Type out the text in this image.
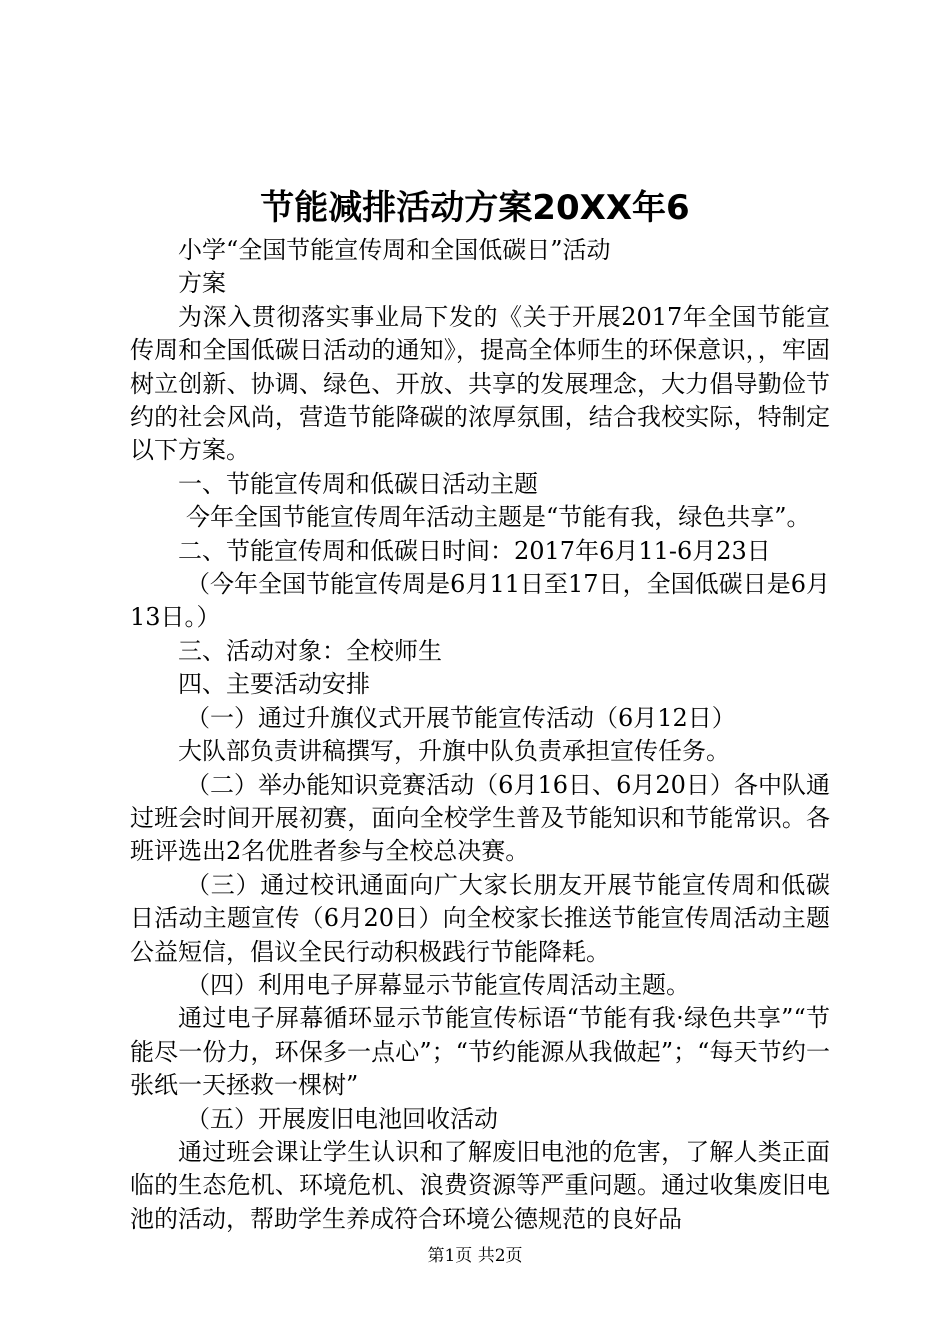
节能减排活动方案20XX年6

小学“全国节能宣传周和全国低碳日”活动

方案

为深入贯彻落实事业局下发的《关于开展2017年全国节能宣传周和全国低碳日活动的通知》，提高全体师生的环保意识，，牢固树立创新、协调、绿色、开放、共享的发展理念，大力倡导勤俭节约的社会风尚，营造节能降碳的浓厚氛围，结合我校实际，特制定以下方案。

一、节能宣传周和低碳日活动主题

今年全国节能宣传周年活动主题是“节能有我，绿色共享”。

二、节能宣传周和低碳日时间：2017年6月11-6月23日

（今年全国节能宣传周是6月11日至17日，全国低碳日是6月13日。）

三、活动对象：全校师生

四、主要活动安排

（一）通过升旗仪式开展节能宣传活动（6月12日）

大队部负责讲稿撰写，升旗中队负责承担宣传任务。

（二）举办能知识竞赛活动（6月16日、6月20日）各中队通过班会时间开展初赛，面向全校学生普及节能知识和节能常识。各班评选出2名优胜者参与全校总决赛。

（三）通过校讯通面向广大家长朋友开展节能宣传周和低碳日活动主题宣传（6月20日）向全校家长推送节能宣传周活动主题公益短信，倡议全民行动积极践行节能降耗。

（四）利用电子屏幕显示节能宣传周活动主题。

通过电子屏幕循环显示节能宣传标语“节能有我·绿色共享”“节能尽一份力，环保多一点心”；“节约能源从我做起”；“每天节约一张纸一天拯救一棵树”

（五）开展废旧电池回收活动

通过班会课让学生认识和了解废旧电池的危害，了解人类正面临的生态危机、环境危机、浪费资源等严重问题。通过收集废旧电池的活动，帮助学生养成符合环境公德规范的良好品

第1页 共2页
